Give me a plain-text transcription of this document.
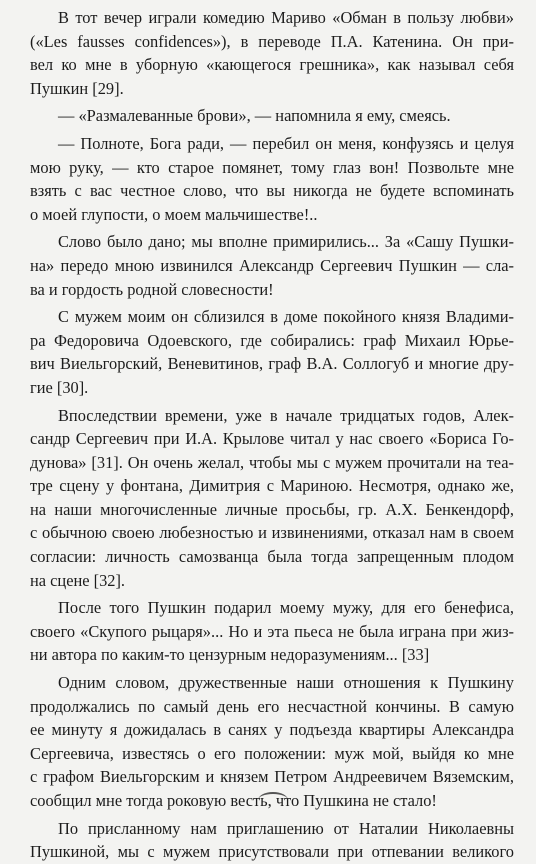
В тот вечер играли комедию Мариво «Обман в пользу любви»
(«Les fausses confidences»), в переводе П.А. Катенина. Он при-
вел ко мне в уборную «кающегося грешника», как называл себя
Пушкин [29].
— «Размалеванные брови», — напомнила я ему, смеясь.
— Полноте, Бога ради, — перебил он меня, конфузясь и целуя
мою руку, — кто старое помянет, тому глаз вон! Позвольте мне
взять с вас честное слово, что вы никогда не будете вспоминать
о моей глупости, о моем мальчишестве!..
Слово было дано; мы вполне примирились... За «Сашу Пушки-
на» передо мною извинился Александр Сергеевич Пушкин — сла-
ва и гордость родной словесности!
С мужем моим он сблизился в доме покойного князя Владими-
ра Федоровича Одоевского, где собирались: граф Михаил Юрье-
вич Виельгорский, Веневитинов, граф В.А. Соллогуб и многие дру-
гие [30].
Впоследствии времени, уже в начале тридцатых годов, Алек-
сандр Сергеевич при И.А. Крылове читал у нас своего «Бориса Го-
дунова» [31]. Он очень желал, чтобы мы с мужем прочитали на теа-
тре сцену у фонтана, Димитрия с Мариною. Несмотря, однако же,
на наши многочисленные личные просьбы, гр. А.Х. Бенкендорф,
с обычною своею любезностью и извинениями, отказал нам в своем
согласии: личность самозванца была тогда запрещенным плодом
на сцене [32].
После того Пушкин подарил моему мужу, для его бенефиса,
своего «Скупого рыцаря»... Но и эта пьеса не была играна при жиз-
ни автора по каким-то цензурным недоразумениям... [33]
Одним словом, дружественные наши отношения к Пушкину
продолжались по самый день его несчастной кончины. В самую
ее минуту я дожидалась в санях у подъезда квартиры Александра
Сергеевича, известясь о его положении: муж мой, выйдя ко мне
с графом Виельгорским и князем Петром Андреевичем Вяземским,
сообщил мне тогда роковую весть, что Пушкина не стало!
По присланному нам приглашению от Наталии Николаевны
Пушкиной, мы с мужем присутствовали при отпевании великого
